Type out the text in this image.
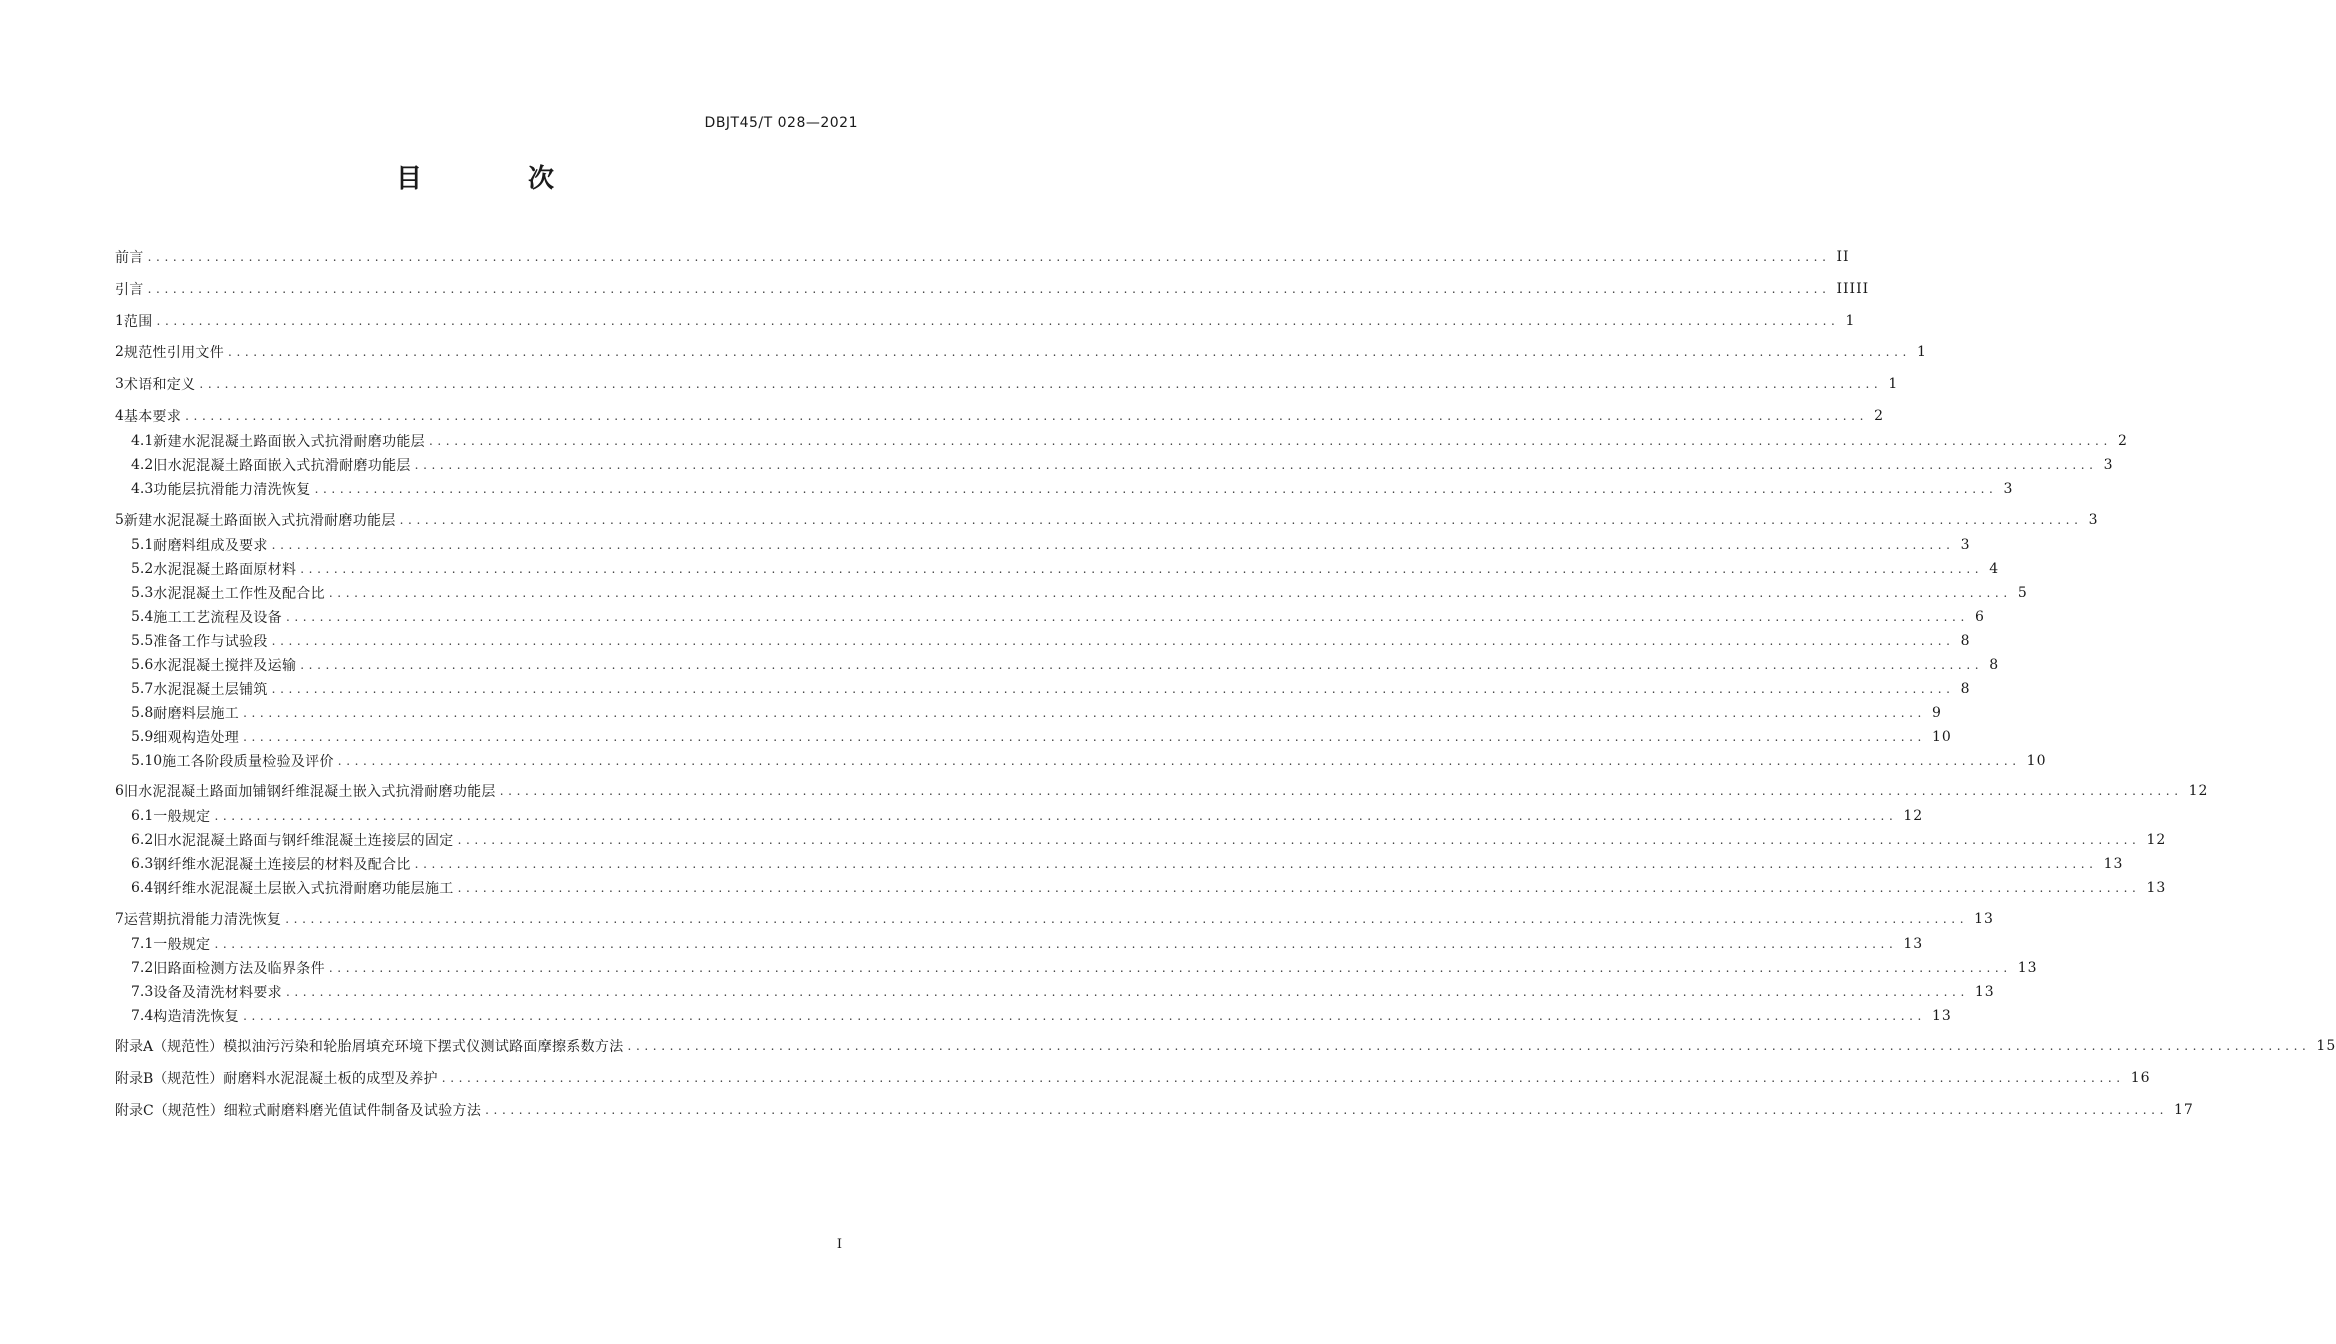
DBJT45/T 028—2021
目　次
前言 ........................................................................................................................................................................................................ II
引言 ........................................................................................................................................................................................................ IIIII
1 范围 ........................................................................................................................................................................................................ 1
2 规范性引用文件 ........................................................................................................................................................................................................ 1
3 术语和定义 ........................................................................................................................................................................................................ 1
4 基本要求 ........................................................................................................................................................................................................ 2
4.1 新建水泥混凝土路面嵌入式抗滑耐磨功能层 ........................................................................................................................................................................................................ 2
4.2 旧水泥混凝土路面嵌入式抗滑耐磨功能层 ........................................................................................................................................................................................................ 3
4.3 功能层抗滑能力清洗恢复 ........................................................................................................................................................................................................ 3
5 新建水泥混凝土路面嵌入式抗滑耐磨功能层 ........................................................................................................................................................................................................ 3
5.1 耐磨料组成及要求 ........................................................................................................................................................................................................ 3
5.2 水泥混凝土路面原材料 ........................................................................................................................................................................................................ 4
5.3 水泥混凝土工作性及配合比 ........................................................................................................................................................................................................ 5
5.4 施工工艺流程及设备 ........................................................................................................................................................................................................ 6
5.5 准备工作与试验段 ........................................................................................................................................................................................................ 8
5.6 水泥混凝土搅拌及运输 ........................................................................................................................................................................................................ 8
5.7 水泥混凝土层铺筑 ........................................................................................................................................................................................................ 8
5.8 耐磨料层施工 ........................................................................................................................................................................................................ 9
5.9 细观构造处理 ........................................................................................................................................................................................................ 10
5.10 施工各阶段质量检验及评价 ........................................................................................................................................................................................................ 10
6 旧水泥混凝土路面加铺钢纤维混凝土嵌入式抗滑耐磨功能层 ........................................................................................................................................................................................................ 12
6.1 一般规定 ........................................................................................................................................................................................................ 12
6.2 旧水泥混凝土路面与钢纤维混凝土连接层的固定 ........................................................................................................................................................................................................ 12
6.3 钢纤维水泥混凝土连接层的材料及配合比 ........................................................................................................................................................................................................ 13
6.4 钢纤维水泥混凝土层嵌入式抗滑耐磨功能层施工 ........................................................................................................................................................................................................ 13
7 运营期抗滑能力清洗恢复 ........................................................................................................................................................................................................ 13
7.1 一般规定 ........................................................................................................................................................................................................ 13
7.2 旧路面检测方法及临界条件 ........................................................................................................................................................................................................ 13
7.3 设备及清洗材料要求 ........................................................................................................................................................................................................ 13
7.4 构造清洗恢复 ........................................................................................................................................................................................................ 13
附录A（规范性） 模拟油污污染和轮胎屑填充环境下摆式仪测试路面摩擦系数方法 ........................................................................................................................................................................................................ 15
附录B（规范性） 耐磨料水泥混凝土板的成型及养护 ........................................................................................................................................................................................................ 16
附录C（规范性） 细粒式耐磨料磨光值试件制备及试验方法 ........................................................................................................................................................................................................ 17
I
